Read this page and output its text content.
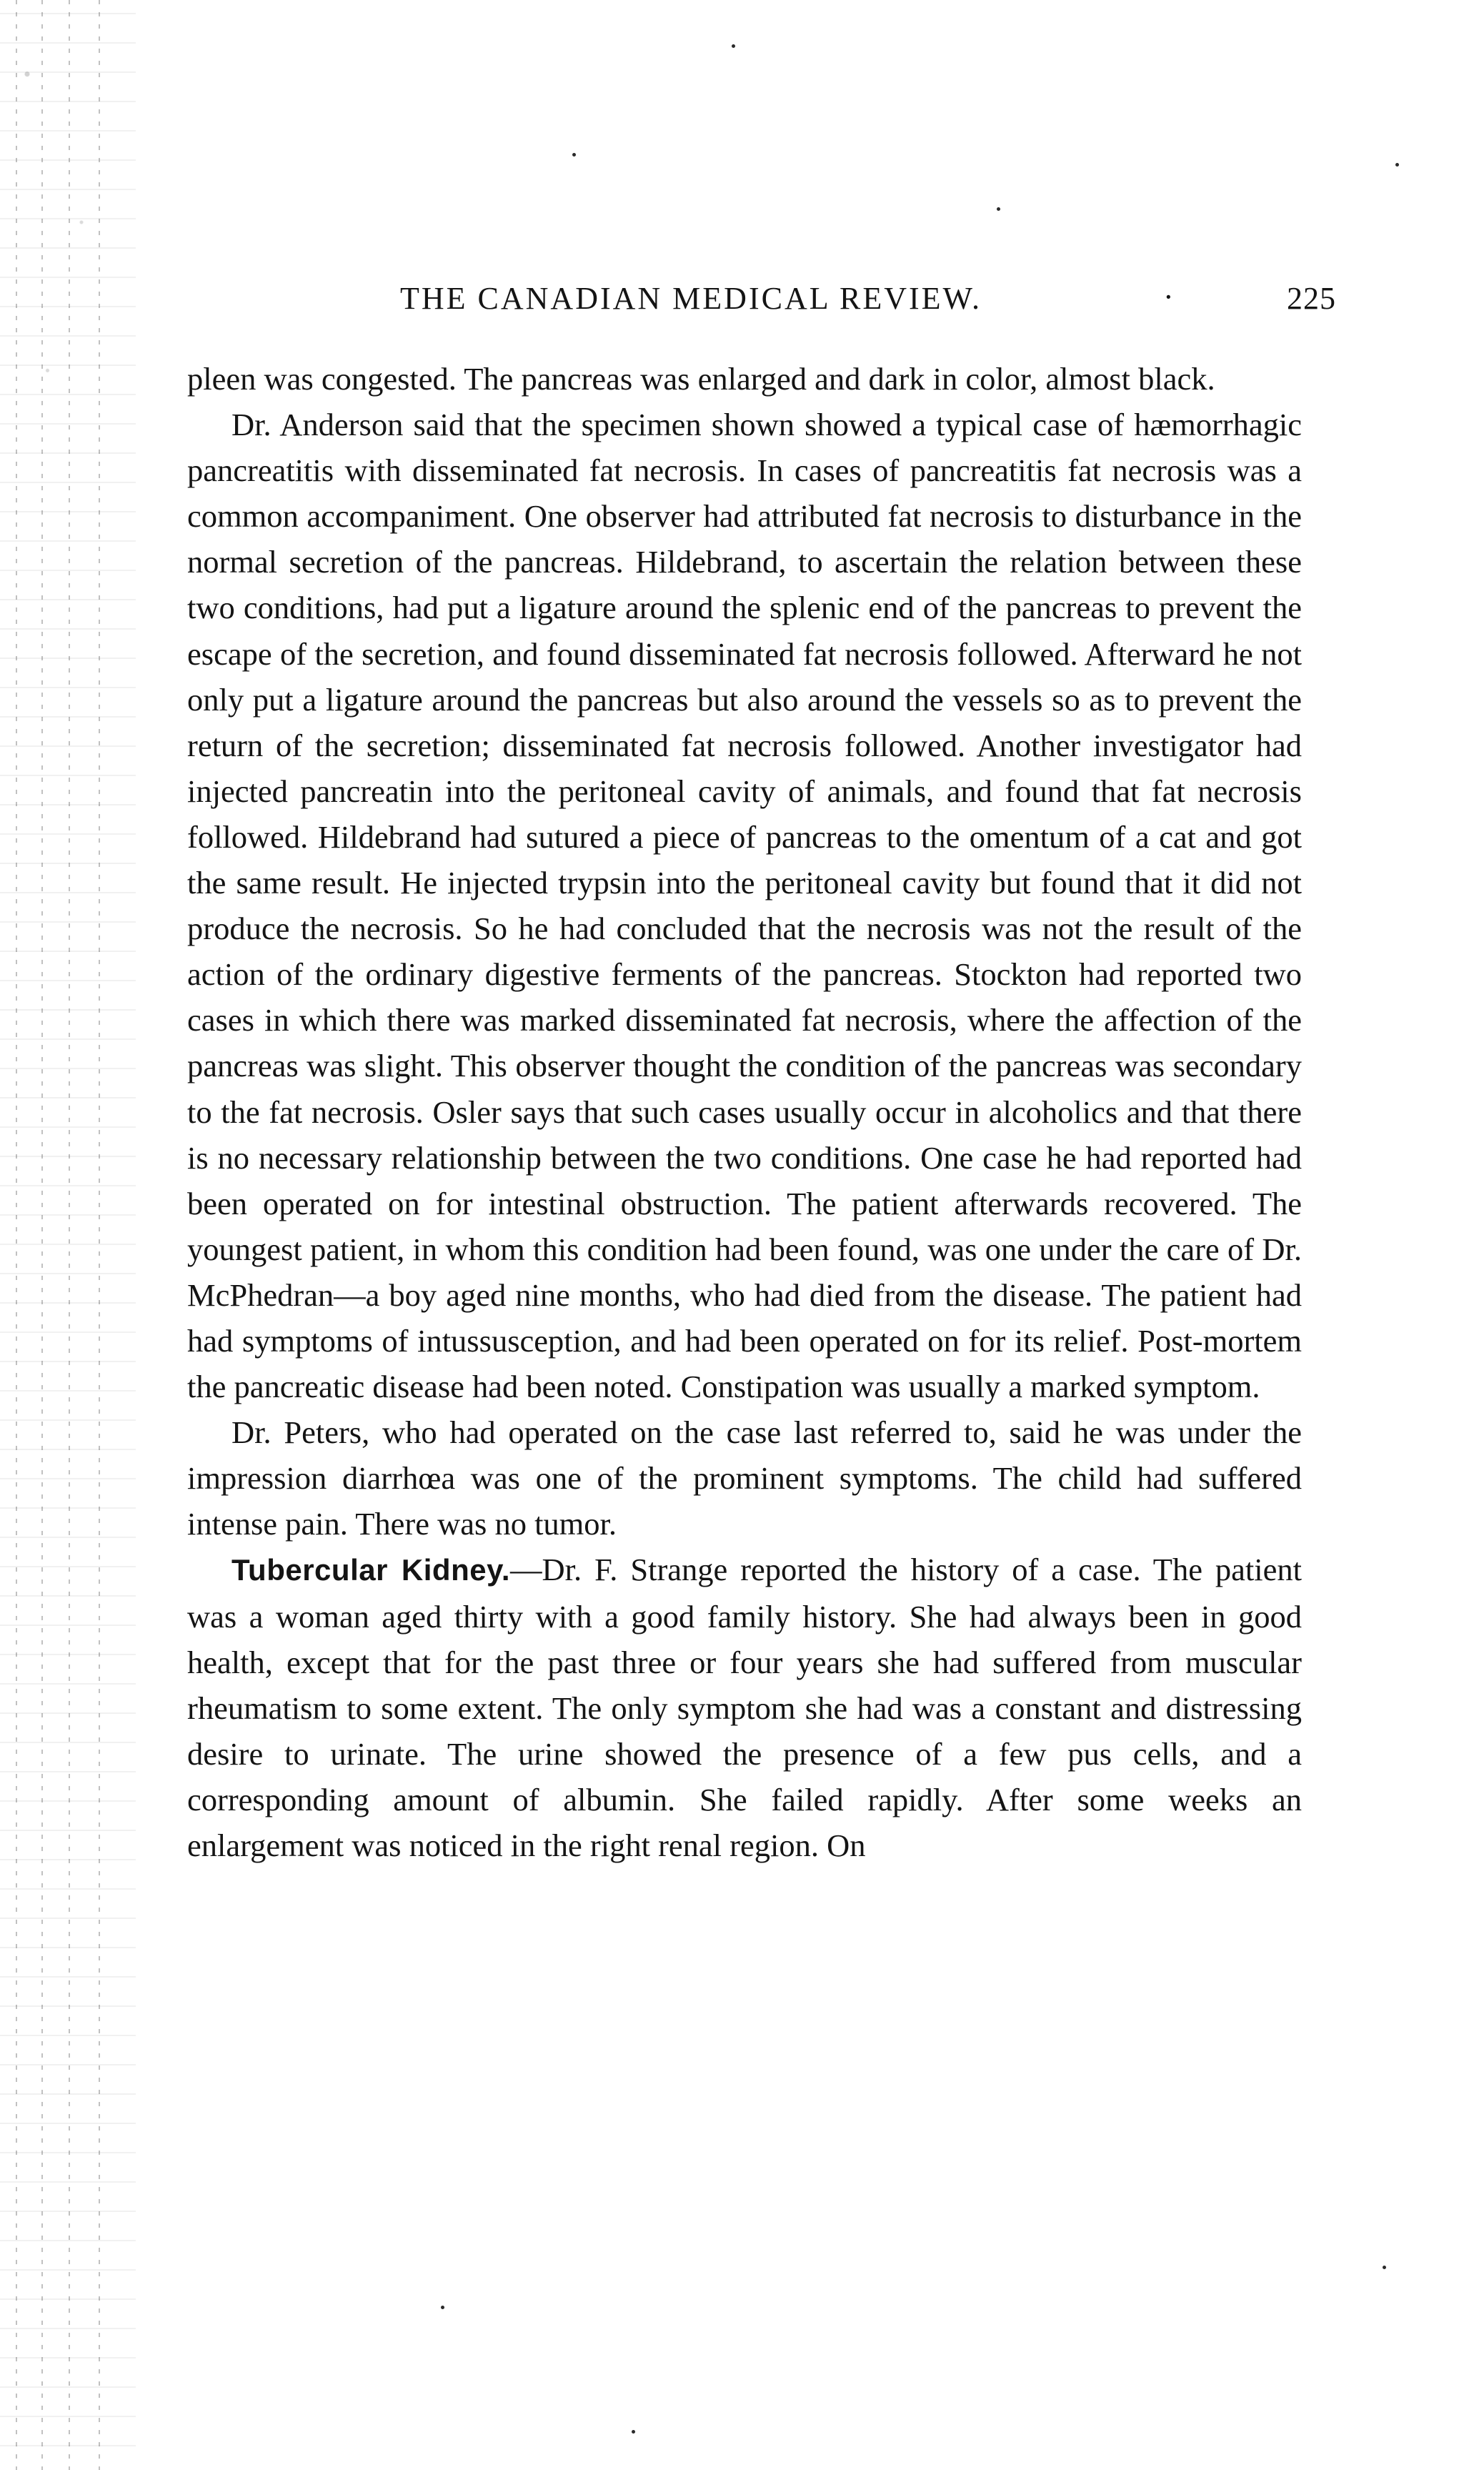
THE CANADIAN MEDICAL REVIEW.	·	225

pleen was congested. The pancreas was enlarged and dark in color, almost black.

Dr. Anderson said that the specimen shown showed a typical case of hæmorrhagic pancreatitis with disseminated fat necrosis. In cases of pancreatitis fat necrosis was a common accompaniment. One observer had attributed fat necrosis to disturbance in the normal secretion of the pancreas. Hildebrand, to ascertain the relation between these two conditions, had put a ligature around the splenic end of the pancreas to prevent the escape of the secretion, and found disseminated fat necrosis followed. Afterward he not only put a ligature around the pancreas but also around the vessels so as to prevent the return of the secretion; disseminated fat necrosis followed. Another investigator had injected pancreatin into the peritoneal cavity of animals, and found that fat necrosis followed. Hildebrand had sutured a piece of pancreas to the omentum of a cat and got the same result. He injected trypsin into the peritoneal cavity but found that it did not produce the necrosis. So he had concluded that the necrosis was not the result of the action of the ordinary digestive ferments of the pancreas. Stockton had reported two cases in which there was marked disseminated fat necrosis, where the affection of the pancreas was slight. This observer thought the condition of the pancreas was secondary to the fat necrosis. Osler says that such cases usually occur in alcoholics and that there is no necessary relationship between the two conditions. One case he had reported had been operated on for intestinal obstruction. The patient afterwards recovered. The youngest patient, in whom this condition had been found, was one under the care of Dr. McPhedran—a boy aged nine months, who had died from the disease. The patient had had symptoms of intussusception, and had been operated on for its relief. Post-mortem the pancreatic disease had been noted. Constipation was usually a marked symptom.

Dr. Peters, who had operated on the case last referred to, said he was under the impression diarrhœa was one of the prominent symptoms. The child had suffered intense pain. There was no tumor.

Tubercular Kidney.—Dr. F. Strange reported the history of a case. The patient was a woman aged thirty with a good family history. She had always been in good health, except that for the past three or four years she had suffered from muscular rheumatism to some extent. The only symptom she had was a constant and distressing desire to urinate. The urine showed the presence of a few pus cells, and a corresponding amount of albumin. She failed rapidly. After some weeks an enlargement was noticed in the right renal region. On
